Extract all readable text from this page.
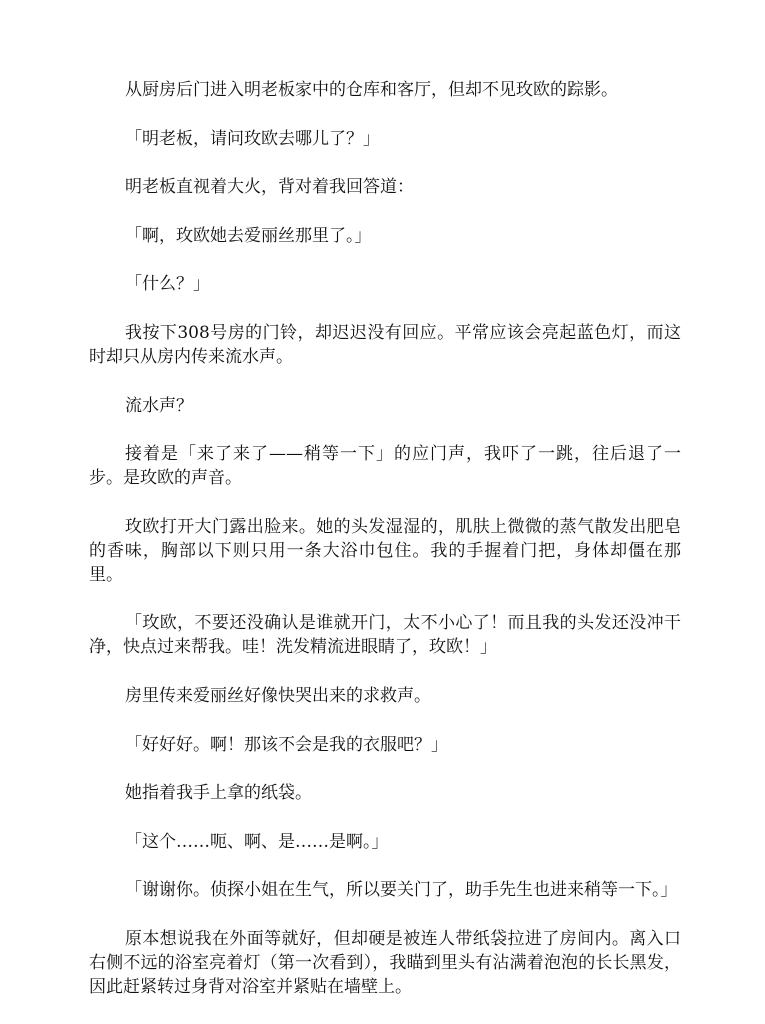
从厨房后门进入明老板家中的仓库和客厅，但却不见玫欧的踪影。

「明老板，请问玫欧去哪儿了？」

明老板直视着大火，背对着我回答道：

「啊，玫欧她去爱丽丝那里了。」

「什么？」

我按下308号房的门铃，却迟迟没有回应。平常应该会亮起蓝色灯，而这时却只从房内传来流水声。

流水声？

接着是「来了来了——稍等一下」的应门声，我吓了一跳，往后退了一步。是玫欧的声音。

玫欧打开大门露出脸来。她的头发湿湿的，肌肤上微微的蒸气散发出肥皂的香味，胸部以下则只用一条大浴巾包住。我的手握着门把，身体却僵在那里。

「玫欧，不要还没确认是谁就开门，太不小心了！而且我的头发还没冲干净，快点过来帮我。哇！洗发精流进眼睛了，玫欧！」

房里传来爱丽丝好像快哭出来的求救声。

「好好好。啊！那该不会是我的衣服吧？」

她指着我手上拿的纸袋。

「这个……呃、啊、是……是啊。」

「谢谢你。侦探小姐在生气，所以要关门了，助手先生也进来稍等一下。」

原本想说我在外面等就好，但却硬是被连人带纸袋拉进了房间内。离入口右侧不远的浴室亮着灯（第一次看到），我瞄到里头有沾满着泡泡的长长黑发，因此赶紧转过身背对浴室并紧贴在墙壁上。
